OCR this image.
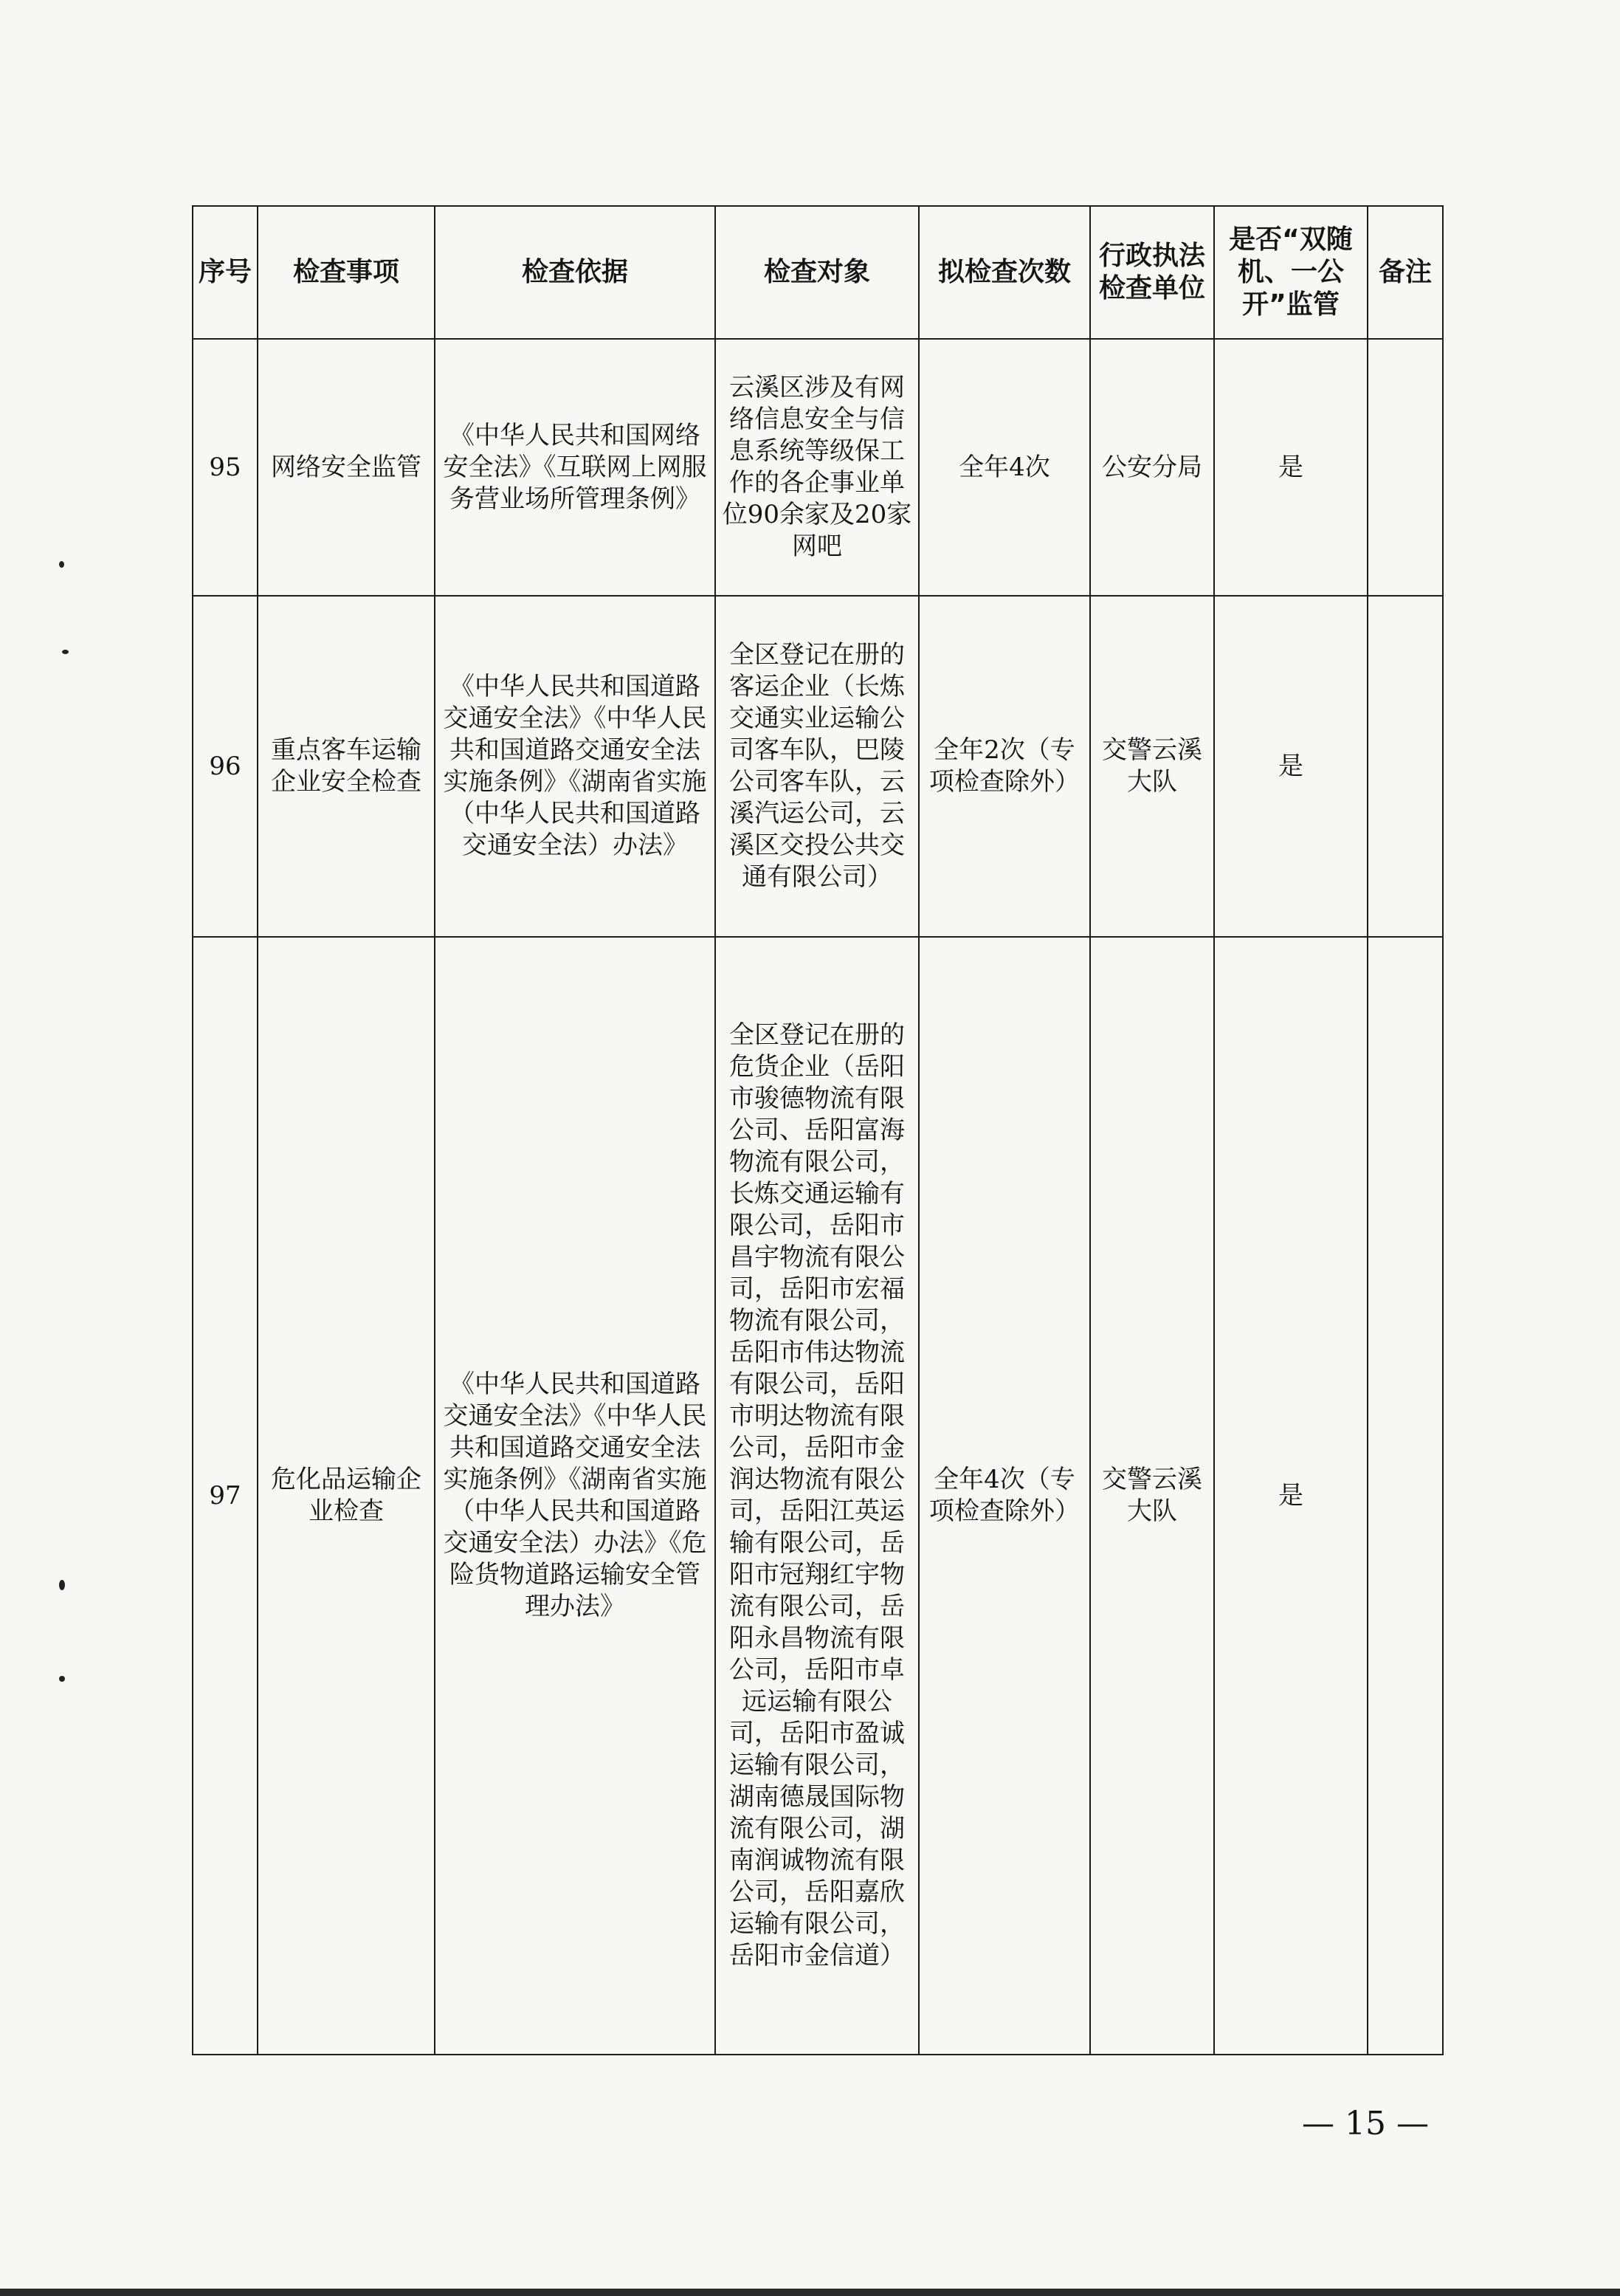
序号	检查事项	检查依据	检查对象	拟检查次数	行政执法检查单位	是否“双随机、一公开”监管	备注
95	网络安全监管	《中华人民共和国网络安全法》《互联网上网服务营业场所管理条例》	云溪区涉及有网络信息安全与信息系统等级保工作的各企事业单位90余家及20家网吧	全年4次	公安分局	是	
96	重点客车运输企业安全检查	《中华人民共和国道路交通安全法》《中华人民共和国道路交通安全法实施条例》《湖南省实施（中华人民共和国道路交通安全法）办法》	全区登记在册的客运企业（长炼交通实业运输公司客车队，巴陵公司客车队，云溪汽运公司，云溪区交投公共交通有限公司）	全年2次（专项检查除外）	交警云溪大队	是	
97	危化品运输企业检查	《中华人民共和国道路交通安全法》《中华人民共和国道路交通安全法实施条例》《湖南省实施（中华人民共和国道路交通安全法）办法》《危险货物道路运输安全管理办法》	全区登记在册的危货企业（岳阳市骏德物流有限公司、岳阳富海物流有限公司，长炼交通运输有限公司，岳阳市昌宇物流有限公司，岳阳市宏福物流有限公司，岳阳市伟达物流有限公司，岳阳市明达物流有限公司，岳阳市金润达物流有限公司，岳阳江英运输有限公司，岳阳市冠翔红宇物流有限公司，岳阳永昌物流有限公司，岳阳市卓远运输有限公司，岳阳市盈诚运输有限公司，湖南德晟国际物流有限公司，湖南润诚物流有限公司，岳阳嘉欣运输有限公司，岳阳市金信道）	全年4次（专项检查除外）	交警云溪大队	是	
— 15 —
